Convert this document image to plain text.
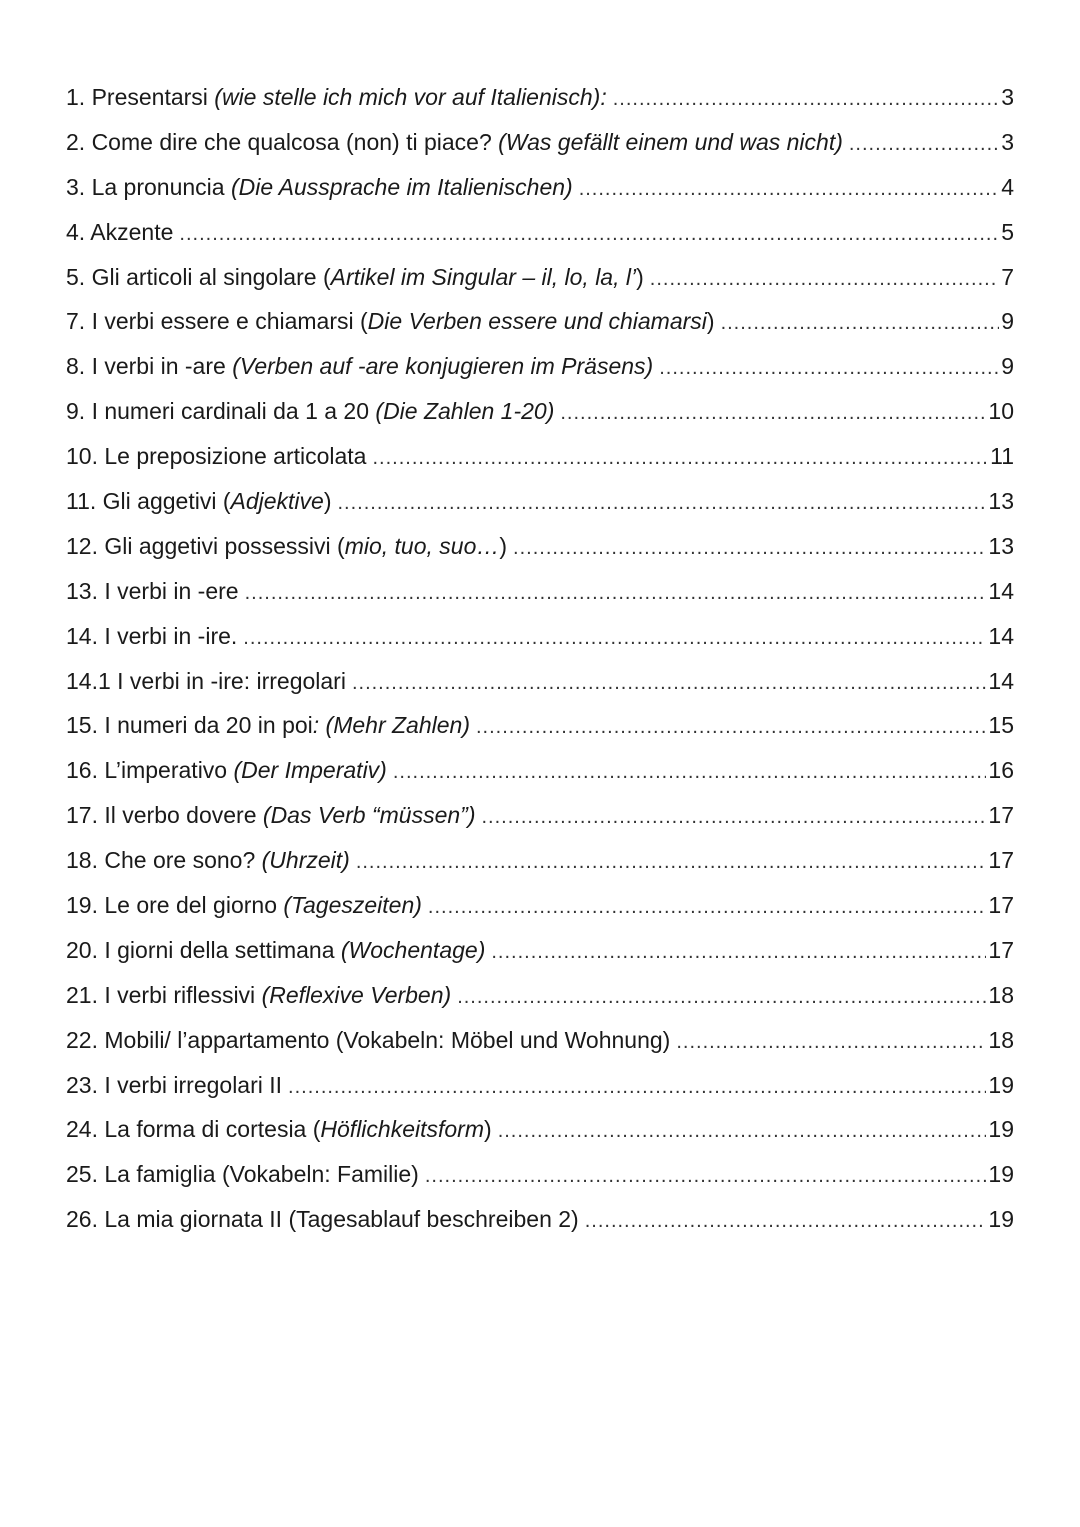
1. Presentarsi (wie stelle ich mich vor auf Italienisch): .....	3
2. Come dire che qualcosa (non) ti piace? (Was gefällt einem und was nicht) .....	3
3. La pronuncia (Die Aussprache im Italienischen) .....	4
4. Akzente .....	5
5. Gli articoli al singolare (Artikel im Singular – il, lo, la, l’) .....	7
7. I verbi essere e chiamarsi (Die Verben essere und chiamarsi) .....	9
8. I verbi in -are (Verben auf -are konjugieren im Präsens) .....	9
9. I numeri cardinali da 1 a 20 (Die Zahlen 1-20) .....	10
10. Le preposizione articolata .....	11
11. Gli aggetivi (Adjektive) .....	13
12. Gli aggetivi possessivi (mio, tuo, suo…) .....	13
13. I verbi in -ere .....	14
14. I verbi in -ire. .....	14
14.1 I verbi in -ire: irregolari .....	14
15. I numeri da 20 in poi: (Mehr Zahlen) .....	15
16. L’imperativo (Der Imperativ) .....	16
17. Il verbo dovere (Das Verb “müssen”) .....	17
18. Che ore sono? (Uhrzeit) .....	17
19. Le ore del giorno (Tageszeiten) .....	17
20. I giorni della settimana (Wochentage) .....	17
21. I verbi riflessivi (Reflexive Verben) .....	18
22. Mobili/ l’appartamento (Vokabeln: Möbel und Wohnung) .....	18
23. I verbi irregolari II .....	19
24. La forma di cortesia (Höflichkeitsform) .....	19
25. La famiglia (Vokabeln: Familie) .....	19
26. La mia giornata II (Tagesablauf beschreiben 2) .....	19
